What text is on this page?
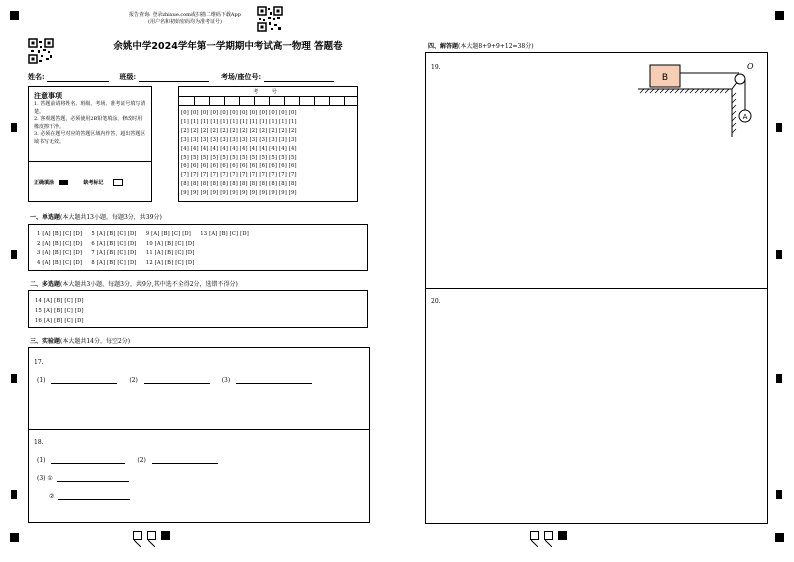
报告查询: 登录zhixue.com或扫描二维码下载App
(用户名和初始密码均为准考证号)
余姚中学2024学年第一学期期中考试高一物理 答题卷
姓名:	班级:	考场/座位号:
注意事项
1. 答题前请将姓名、班级、考场、准考证号填写清楚。
2. 客观题答题，必须使用2B铅笔填涂，修改时用橡皮擦干净。
3. 必须在题号对应的答题区域内作答，超出答题区域书写无效。
正确填涂	缺考标记
考 号
[0] [0] [0] [0] [0] [0] [0] [0] [0] [0] [0] [0]
[1] [1] [1] [1] [1] [1] [1] [1] [1] [1] [1] [1]
[2] [2] [2] [2] [2] [2] [2] [2] [2] [2] [2] [2]
[3] [3] [3] [3] [3] [3] [3] [3] [3] [3] [3] [3]
[4] [4] [4] [4] [4] [4] [4] [4] [4] [4] [4] [4]
[5] [5] [5] [5] [5] [5] [5] [5] [5] [5] [5] [5]
[6] [6] [6] [6] [6] [6] [6] [6] [6] [6] [6] [6]
[7] [7] [7] [7] [7] [7] [7] [7] [7] [7] [7] [7]
[8] [8] [8] [8] [8] [8] [8] [8] [8] [8] [8] [8]
[9] [9] [9] [9] [9] [9] [9] [9] [9] [9] [9] [9]
一、单选题(本大题共13小题，每题3分，共39分)
1 [A] [B] [C] [D]     5 [A] [B] [C] [D]     9 [A] [B] [C] [D]     13 [A] [B] [C] [D]
2 [A] [B] [C] [D]     6 [A] [B] [C] [D]     10 [A] [B] [C] [D]
3 [A] [B] [C] [D]     7 [A] [B] [C] [D]     11 [A] [B] [C] [D]
4 [A] [B] [C] [D]     8 [A] [B] [C] [D]     12 [A] [B] [C] [D]
二、多选题(本大题共3小题，每题3分，共9分,其中选不全得2分，选错不得分)
14 [A] [B] [C] [D]
15 [A] [B] [C] [D]
16 [A] [B] [C] [D]
三、实验题(本大题共14分，每空2分)
17.
(1)	(2)	(3)
18.
(1)	(2)
(3) ①
②
四、解答题(本大题8+9+9+12=38分)
19.
20.
B
O
A
